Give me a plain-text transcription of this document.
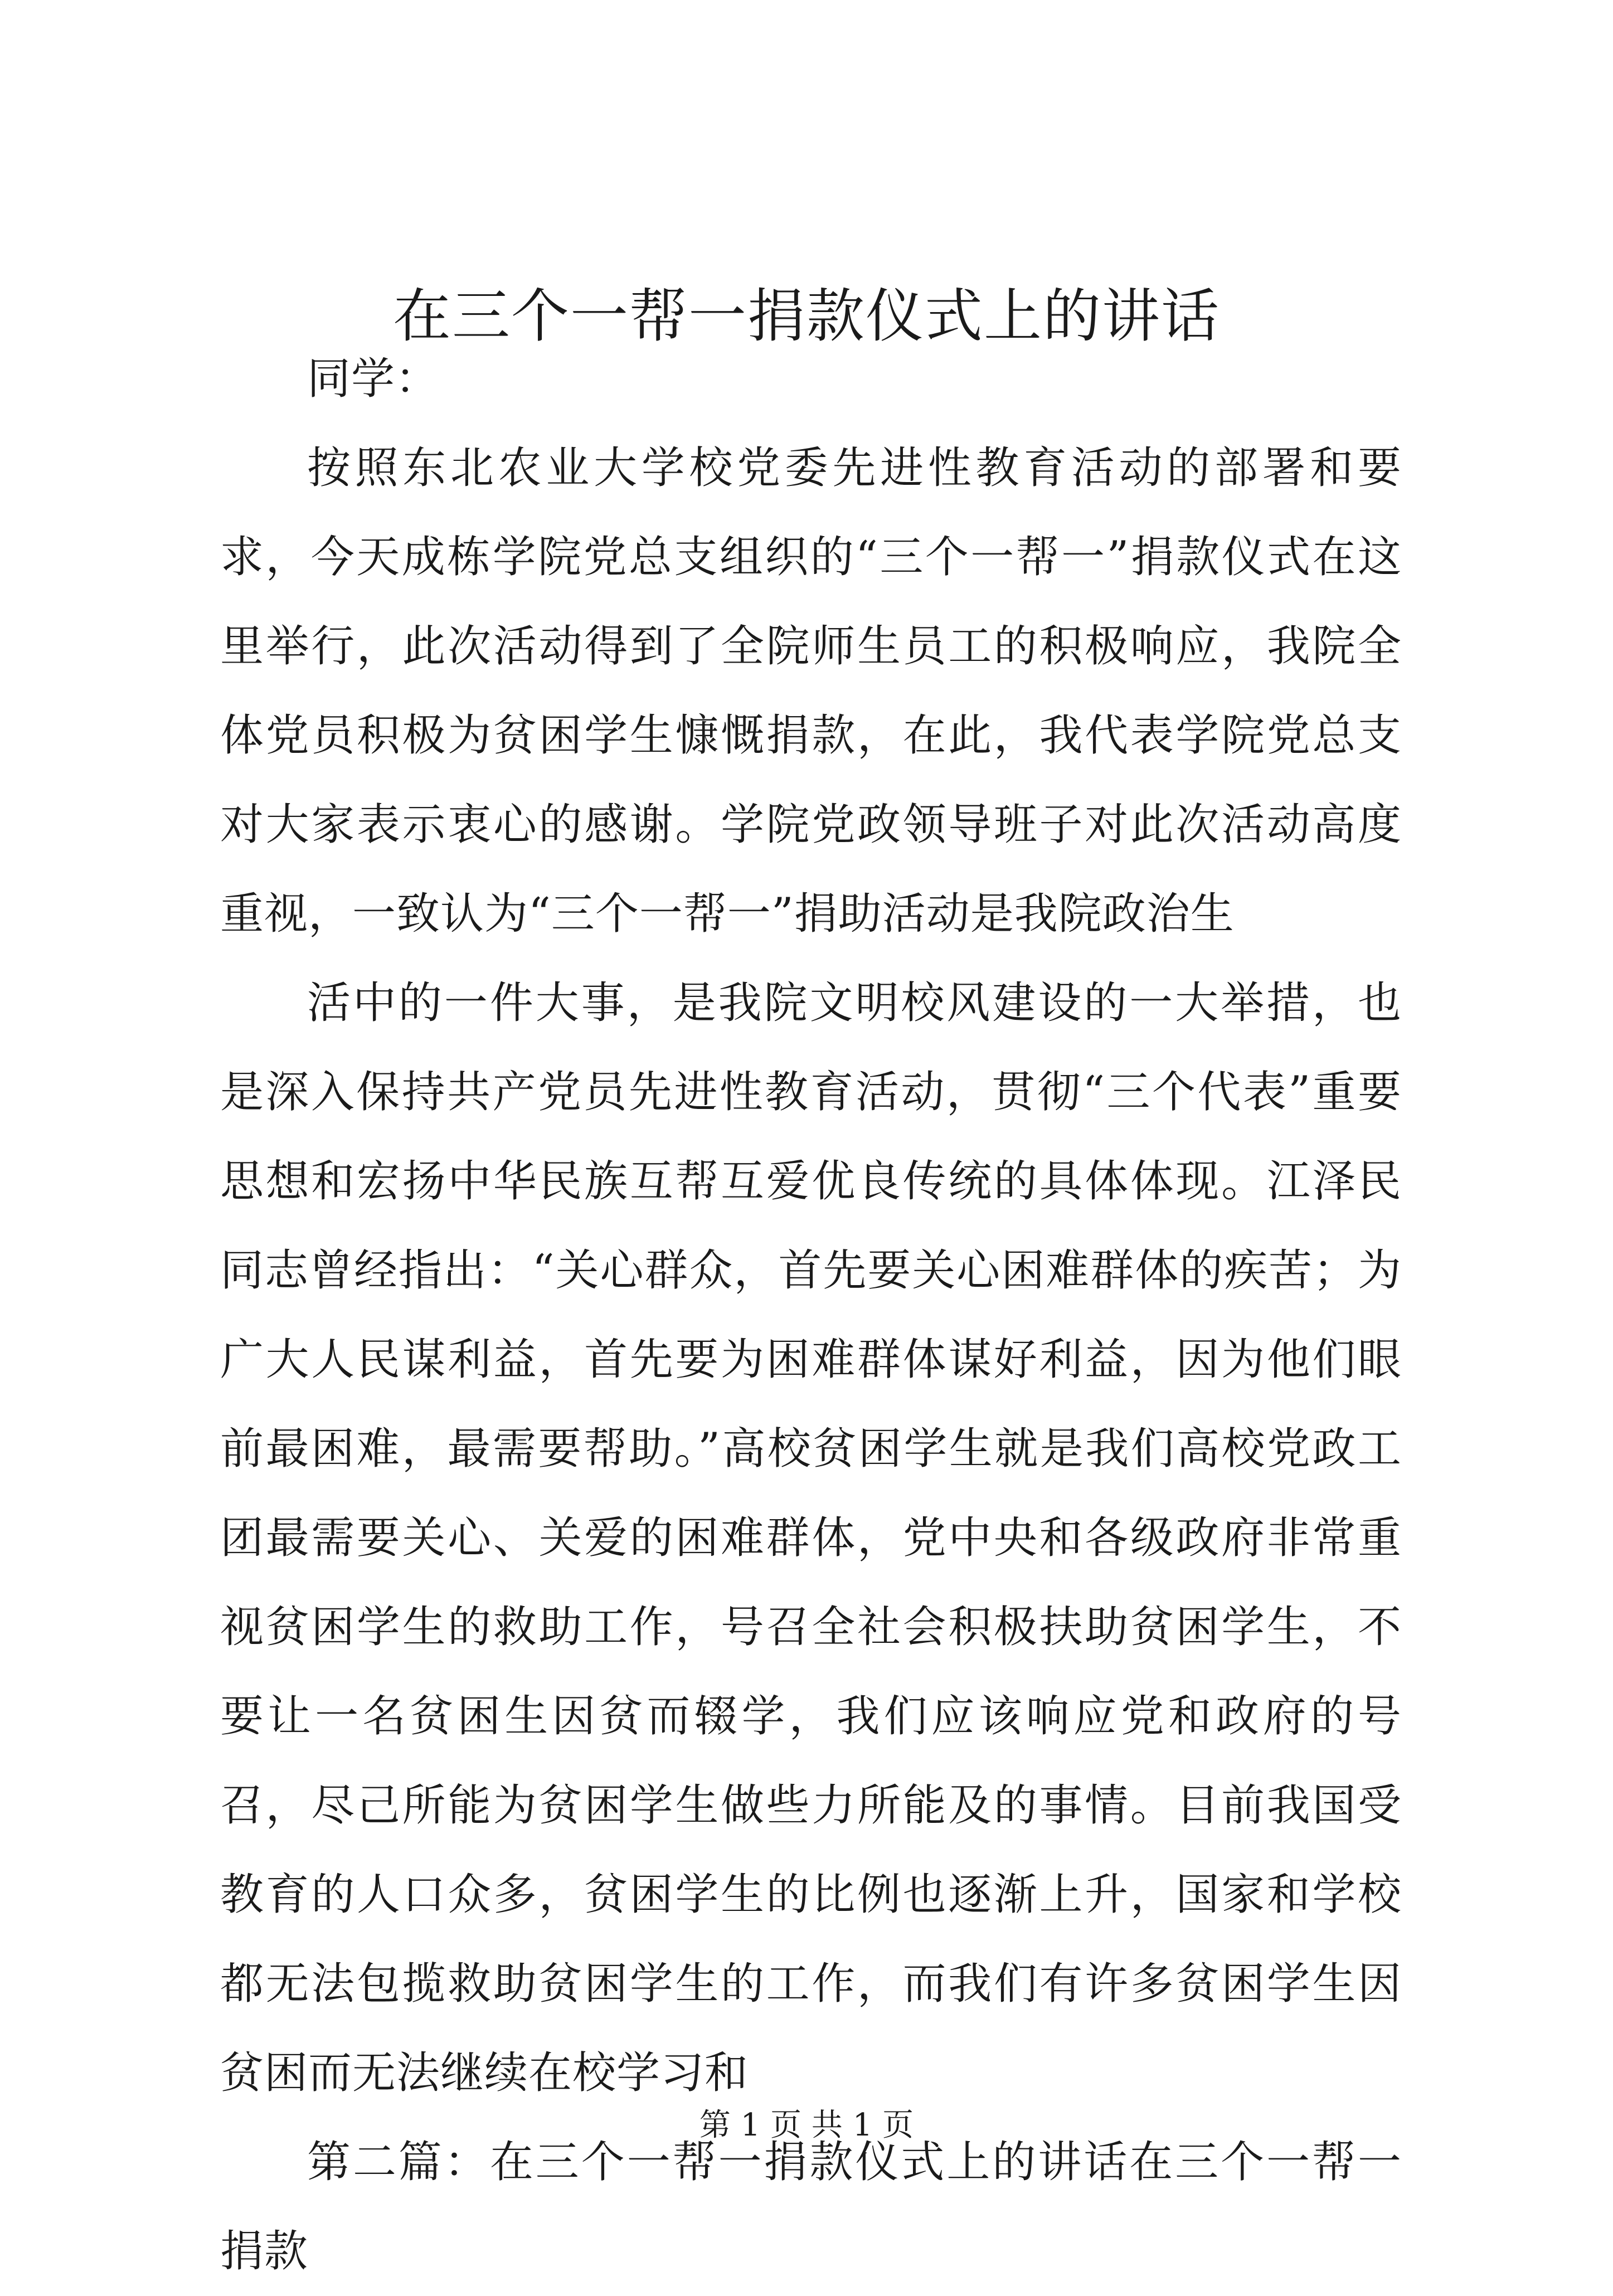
在三个一帮一捐款仪式上的讲话

同学：

按照东北农业大学校党委先进性教育活动的部署和要求，今天成栋学院党总支组织的“三个一帮一”捐款仪式在这里举行，此次活动得到了全院师生员工的积极响应，我院全体党员积极为贫困学生慷慨捐款，在此，我代表学院党总支对大家表示衷心的感谢。学院党政领导班子对此次活动高度重视，一致认为“三个一帮一”捐助活动是我院政治生

活中的一件大事，是我院文明校风建设的一大举措，也是深入保持共产党员先进性教育活动，贯彻“三个代表”重要思想和宏扬中华民族互帮互爱优良传统的具体体现。江泽民同志曾经指出：“关心群众，首先要关心困难群体的疾苦；为广大人民谋利益，首先要为困难群体谋好利益，因为他们眼前最困难，最需要帮助。”高校贫困学生就是我们高校党政工团最需要关心、关爱的困难群体，党中央和各级政府非常重视贫困学生的救助工作，号召全社会积极扶助贫困学生，不要让一名贫困生因贫而辍学，我们应该响应党和政府的号召，尽己所能为贫困学生做些力所能及的事情。目前我国受教育的人口众多，贫困学生的比例也逐渐上升，国家和学校都无法包揽救助贫困学生的工作，而我们有许多贫困学生因贫困而无法继续在校学习和

第二篇：在三个一帮一捐款仪式上的讲话在三个一帮一捐款

第 1 页 共 1 页
